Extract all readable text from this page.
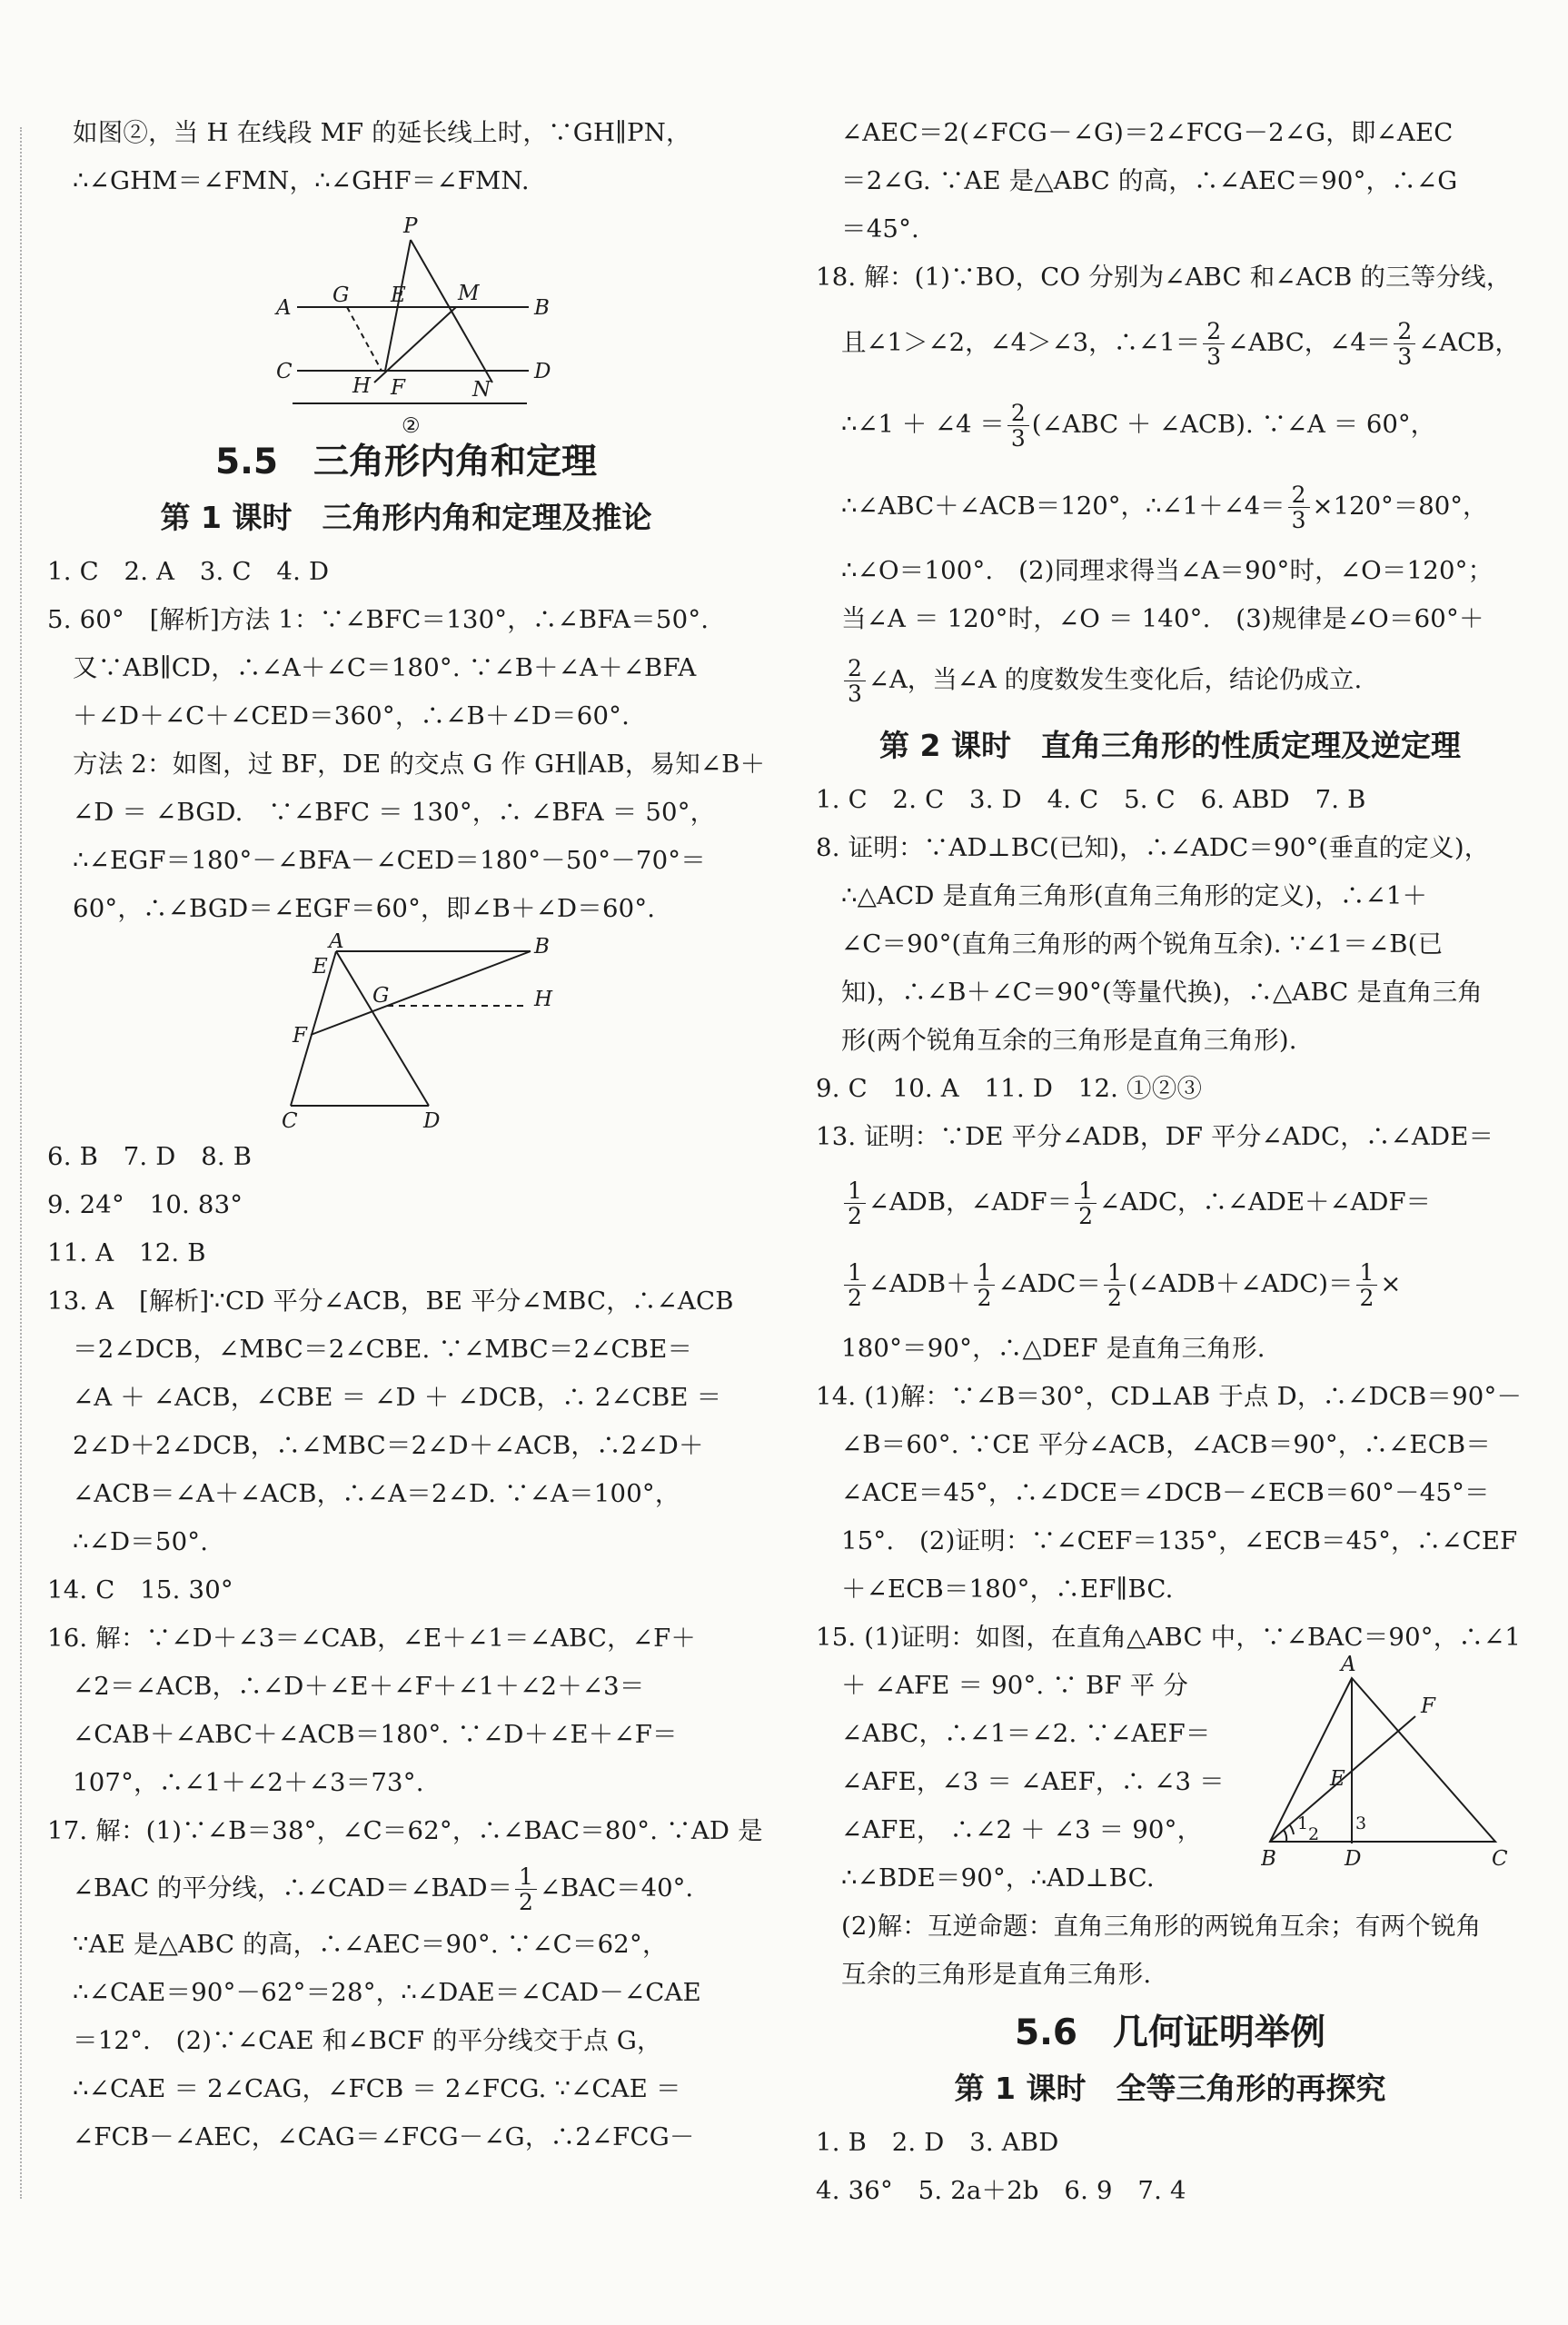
如图②，当 H 在线段 MF 的延长线上时，∵GH∥PN，
∴∠GHM＝∠FMN，∴∠GHF＝∠FMN.
5.5　三角形内角和定理
第 1 课时　三角形内角和定理及推论
1. C　2. A　3. C　4. D
5. 60°　[解析]方法 1：∵∠BFC＝130°，∴∠BFA＝50°.
又∵AB∥CD，∴∠A＋∠C＝180°. ∵∠B＋∠A＋∠BFA
＋∠D＋∠C＋∠CED＝360°，∴∠B＋∠D＝60°.
方法 2：如图，过 BF，DE 的交点 G 作 GH∥AB，易知∠B＋
∠D ＝ ∠BGD.　∵∠BFC ＝ 130°，∴ ∠BFA ＝ 50°，
∴∠EGF＝180°－∠BFA－∠CED＝180°－50°－70°＝
60°，∴∠BGD＝∠EGF＝60°，即∠B＋∠D＝60°.
A	B
E
G	H
F
C	D
6. B　7. D　8. B
9. 24°　10. 83°
11. A　12. B
13. A　[解析]∵CD 平分∠ACB，BE 平分∠MBC，∴∠ACB
＝2∠DCB，∠MBC＝2∠CBE. ∵∠MBC＝2∠CBE＝
∠A ＋ ∠ACB，∠CBE ＝ ∠D ＋ ∠DCB，∴ 2∠CBE ＝
2∠D＋2∠DCB，∴∠MBC＝2∠D＋∠ACB，∴2∠D＋
∠ACB＝∠A＋∠ACB，∴∠A＝2∠D. ∵∠A＝100°，
∴∠D＝50°.
14. C　15. 30°
16. 解：∵∠D＋∠3＝∠CAB，∠E＋∠1＝∠ABC，∠F＋
∠2＝∠ACB，∴∠D＋∠E＋∠F＋∠1＋∠2＋∠3＝
∠CAB＋∠ABC＋∠ACB＝180°. ∵∠D＋∠E＋∠F＝
107°，∴∠1＋∠2＋∠3＝73°.
17. 解：(1)∵∠B＝38°，∠C＝62°，∴∠BAC＝80°. ∵AD 是
∠BAC 的平分线，∴∠CAD＝∠BAD＝ $\frac{1}{2}$ ∠BAC＝40°.
∵AE 是△ABC 的高，∴∠AEC＝90°. ∵∠C＝62°，
∴∠CAE＝90°－62°＝28°，∴∠DAE＝∠CAD－∠CAE
＝12°.　(2)∵∠CAE 和∠BCF 的平分线交于点 G，
∴∠CAE ＝ 2∠CAG，∠FCB ＝ 2∠FCG. ∵∠CAE ＝
∠FCB－∠AEC，∠CAG＝∠FCG－∠G，∴2∠FCG－
P
G E M
A	B
C
H F	N
D
②
∠AEC＝2(∠FCG－∠G)＝2∠FCG－2∠G，即∠AEC
＝2∠G. ∵AE 是△ABC 的高，∴∠AEC＝90°，∴∠G
＝45°.
18. 解：(1)∵BO，CO 分别为∠ABC 和∠ACB 的三等分线，
且∠1＞∠2，∠4＞∠3，∴∠1＝ $\frac{2}{3}$ ∠ABC，∠4＝ $\frac{2}{3}$ ∠ACB，
∴∠1 ＋ ∠4 ＝ $\frac{2}{3}$ (∠ABC ＋ ∠ACB). ∵∠A ＝ 60°，
∴∠ABC＋∠ACB＝120°，∴∠1＋∠4＝ $\frac{2}{3} \times 120^\circ=80^\circ$，
∴∠O＝100°.　(2)同理求得当∠A＝90°时，∠O＝120°；
当∠A ＝ 120°时，∠O ＝ 140°.　(3)规律是∠O＝60°＋
$\frac{2}{3}$ ∠A，当∠A 的度数发生变化后，结论仍成立.
第 2 课时　直角三角形的性质定理及逆定理
1. C　2. C　3. D　4. C　5. C　6. ABD　7. B
8. 证明：∵AD⊥BC(已知)，∴∠ADC＝90°(垂直的定义)，
∴△ACD 是直角三角形(直角三角形的定义)，∴∠1＋
∠C＝90°(直角三角形的两个锐角互余). ∵∠1＝∠B(已
知)，∴∠B＋∠C＝90°(等量代换)，∴△ABC 是直角三角
形(两个锐角互余的三角形是直角三角形).
9. C　10. A　11. D　12. ①②③
13. 证明：∵DE 平分∠ADB，DF 平分∠ADC，∴∠ADE＝
$\frac{1}{2}$ ∠ADB，∠ADF＝ $\frac{1}{2}$ ∠ADC，∴∠ADE＋∠ADF＝
$\frac{1}{2}$ ∠ADB＋ $\frac{1}{2}$ ∠ADC＝ $\frac{1}{2}$ (∠ADB＋∠ADC)＝ $\frac{1}{2}$ ×
180°＝90°，∴△DEF 是直角三角形.
14. (1)解：∵∠B＝30°，CD⊥AB 于点 D，∴∠DCB＝90°－
∠B＝60°. ∵CE 平分∠ACB，∠ACB＝90°，∴∠ECB＝
∠ACE＝45°，∴∠DCE＝∠DCB－∠ECB＝60°－45°＝
15°.　(2)证明：∵∠CEF＝135°，∠ECB＝45°，∴∠CEF
＋∠ECB＝180°，∴EF∥BC.
15. (1)证明：如图，在直角△ABC 中，∵∠BAC＝90°，∴∠1
＋ ∠AFE ＝ 90°. ∵ BF 平 分
∠ABC，∴∠1＝∠2. ∵∠AEF＝
∠AFE，∠3 ＝ ∠AEF，∴ ∠3 ＝
∠AFE， ∴∠2 ＋ ∠3 ＝ 90°，
∴∠BDE＝90°，∴AD⊥BC.
A
F
E
1
2
3
B	D	C
(2)解：互逆命题：直角三角形的两锐角互余；有两个锐角
互余的三角形是直角三角形.
5.6　几何证明举例
第 1 课时　全等三角形的再探究
1. B　2. D　3. ABD
4. 36°　5. 2a＋2b　6. 9　7. 4
